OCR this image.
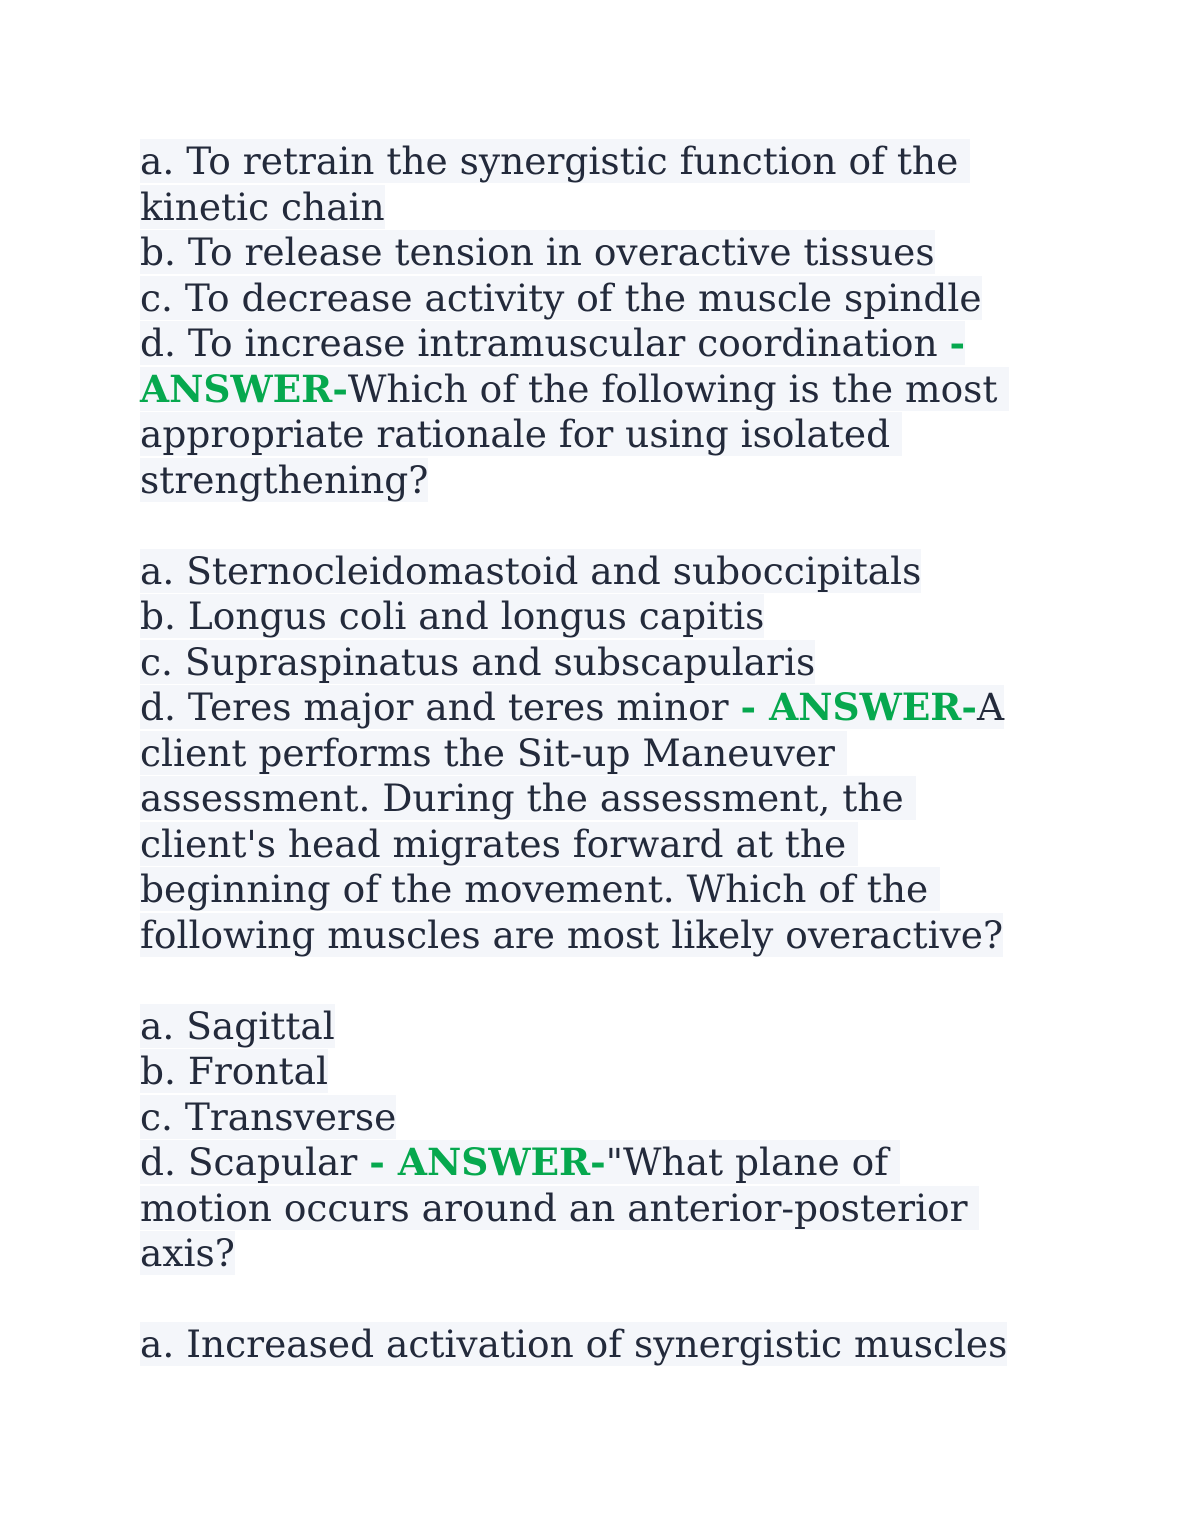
a. To retrain the synergistic function of the
kinetic chain
b. To release tension in overactive tissues
c. To decrease activity of the muscle spindle
d. To increase intramuscular coordination -
ANSWER-Which of the following is the most
appropriate rationale for using isolated
strengthening?
a. Sternocleidomastoid and suboccipitals
b. Longus coli and longus capitis
c. Supraspinatus and subscapularis
d. Teres major and teres minor - ANSWER-A
client performs the Sit-up Maneuver
assessment. During the assessment, the
client's head migrates forward at the
beginning of the movement. Which of the
following muscles are most likely overactive?
a. Sagittal
b. Frontal
c. Transverse
d. Scapular - ANSWER-"What plane of
motion occurs around an anterior-posterior
axis?
a. Increased activation of synergistic muscles
